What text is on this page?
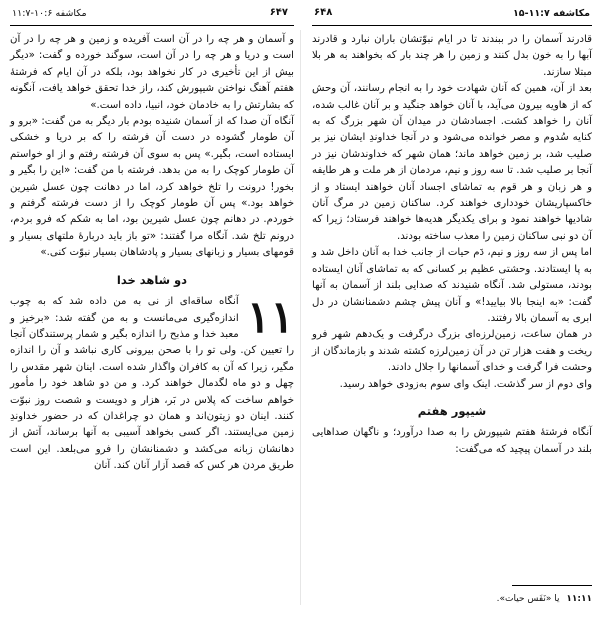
مکاشفه ۱۱:۷-۱۵
۶۴۸

قادرند آسمان را در ببندند تا در ایام نبوّتشان باران نبارد و قادرند آبها را به خون بدل کنند و زمین را هر چند بار که بخواهند به هر بلا مبتلا سازند.

بعد از آن، همین که آنان شهادت خود را به انجام رسانند، آن وحش که از هاویه بیرون می‌آید، با آنان خواهد جنگید و بر آنان غالب شده، آنان را خواهد کشت. اجسادشان در میدان آن شهر بزرگ که به کنایه سُدوم و مصر خوانده می‌شود و در آنجا خداوندِ ایشان نیز بر صلیب شد، بر زمین خواهد ماند؛ همان شهر که خداوندشان نیز در آنجا بر صلیب شد. تا سه روز و نیم، مردمان از هر ملت و هر طایفه و هر زبان و هر قوم به تماشای اجساد آنان خواهند ایستاد و از خاکسپاریشان خودداری خواهند کرد. ساکنان زمین در مرگ آنان شادیها خواهند نمود و برای یکدیگر هدیه‌ها خواهند فرستاد؛ زیرا که آن دو نبی ساکنان زمین را معذب ساخته بودند.

اما پس از سه روز و نیم، دَم حیات از جانب خدا به آنان داخل شد و به پا ایستادند. وحشتی عظیم بر کسانی که به تماشای آنان ایستاده بودند، مستولی شد. آنگاه شنیدند که صدایی بلند از آسمان به آنها گفت: «به اینجا بالا بیایید!» و آنان پیش چشم دشمنانشان در دل ابری به آسمان بالا رفتند.

در همان ساعت، زمین‌لرزه‌ای بزرگ درگرفت و یک‌دهم شهر فرو ریخت و هفت هزار تن در آن زمین‌لرزه کشته شدند و بازماندگان از وحشت فرا گرفت و خدای آسمانها را جلال دادند.

وای دوم از سر گذشت. اینک وای سوم به‌زودی خواهد رسید.

شیپور هفتم

آنگاه فرشتهٔ هفتم شیپورش را به صدا درآورد؛ و ناگهان صداهایی بلند در آسمان پیچید که می‌گفت:

۱۱:۱۱ یا «نَفَس حیات».
مکاشفه ۱۰:۶-۱۱:۷	۶۴۷

و آسمان و هر چه را در آن است آفریده و زمین و هر چه را در آن است و دریا و هر چه را در آن است، سوگند خورده و گفت: «دیگر بیش از این تأخیری در کار نخواهد بود، بلکه در آن ایام که فرشتهٔ هفتم آهنگ نواختن شیپورش کند، راز خدا تحقق خواهد یافت، آنگونه که بشارتش را به خادمان خود، انبیا، داده است.»

آنگاه آن صدا که از آسمان شنیده بودم بار دیگر به من گفت: «برو و آن طومار گشوده در دست آن فرشته را که بر دریا و خشکی ایستاده است، بگیر.» پس به سوی آن فرشته رفتم و از او خواستم آن طومار کوچک را به من بدهد. فرشته با من گفت: «این را بگیر و بخور! درونت را تلخ خواهد کرد، اما در دهانت چون عسل شیرین خواهد بود.» پس آن طومار کوچک را از دست فرشته گرفتم و خوردم. در دهانم چون عسل شیرین بود، اما به شکم که فرو بردم، درونم تلخ شد. آنگاه مرا گفتند: «تو باز باید دربارهٔ ملتهای بسیار و قومهای بسیار و زبانهای بسیار و پادشاهان بسیار نبوّت کنی.»

دو شاهد خدا
۱۱

آنگاه ساقه‌ای از نی به من داده شد که به چوب اندازه‌گیری می‌مانست و به من گفته شد: «برخیز و معبد خدا و مذبح را اندازه بگیر و شمار پرستندگان آنجا را تعیین کن. ولی تو را با صحن بیرونی کاری نباشد و آن را اندازه مگیر، زیرا که آن به کافران واگذار شده است. اینان شهر مقدس را چهل و دو ماه لگدمال خواهند کرد. و من دو شاهد خود را مأمور خواهم ساخت که پلاس در بَر، هزار و دویست و شصت روز نبوّت کنند. اینان دو زیتون‌اند و همان دو چراغدان که در حضور خداوندِ زمین می‌ایستند. اگر کسی بخواهد آسیبی به آنها برساند، آتش از دهانشان زبانه می‌کشد و دشمنانشان را فرو می‌بلعد. این است طریق مردن هر کس که قصد آزار آنان کند. آنان
